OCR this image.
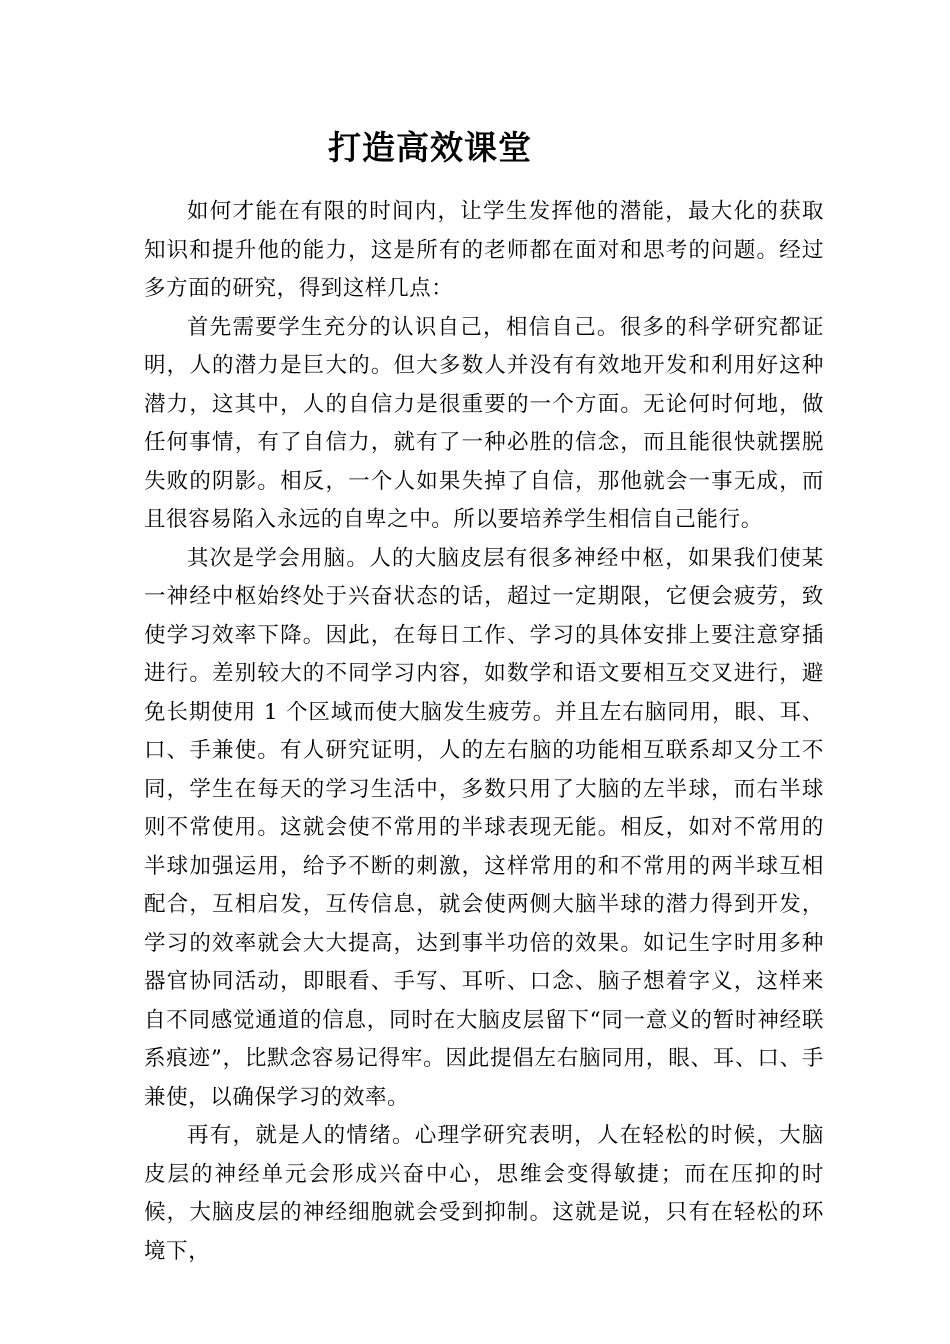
打造高效课堂

如何才能在有限的时间内，让学生发挥他的潜能，最大化的获取知识和提升他的能力，这是所有的老师都在面对和思考的问题。经过多方面的研究，得到这样几点：

首先需要学生充分的认识自己，相信自己。很多的科学研究都证明，人的潜力是巨大的。但大多数人并没有有效地开发和利用好这种潜力，这其中，人的自信力是很重要的一个方面。无论何时何地，做任何事情，有了自信力，就有了一种必胜的信念，而且能很快就摆脱失败的阴影。相反，一个人如果失掉了自信，那他就会一事无成，而且很容易陷入永远的自卑之中。所以要培养学生相信自己能行。

其次是学会用脑。人的大脑皮层有很多神经中枢，如果我们使某一神经中枢始终处于兴奋状态的话，超过一定期限，它便会疲劳，致使学习效率下降。因此，在每日工作、学习的具体安排上要注意穿插进行。差别较大的不同学习内容，如数学和语文要相互交叉进行，避免长期使用 1 个区域而使大脑发生疲劳。并且左右脑同用，眼、耳、口、手兼使。有人研究证明，人的左右脑的功能相互联系却又分工不同，学生在每天的学习生活中，多数只用了大脑的左半球，而右半球则不常使用。这就会使不常用的半球表现无能。相反，如对不常用的半球加强运用，给予不断的刺激，这样常用的和不常用的两半球互相配合，互相启发，互传信息，就会使两侧大脑半球的潜力得到开发，学习的效率就会大大提高，达到事半功倍的效果。如记生字时用多种器官协同活动，即眼看、手写、耳听、口念、脑子想着字义，这样来自不同感觉通道的信息，同时在大脑皮层留下“同一意义的暂时神经联系痕迹”，比默念容易记得牢。因此提倡左右脑同用，眼、耳、口、手兼使，以确保学习的效率。

再有，就是人的情绪。心理学研究表明，人在轻松的时候，大脑皮层的神经单元会形成兴奋中心，思维会变得敏捷；而在压抑的时候，大脑皮层的神经细胞就会受到抑制。这就是说，只有在轻松的环境下，
